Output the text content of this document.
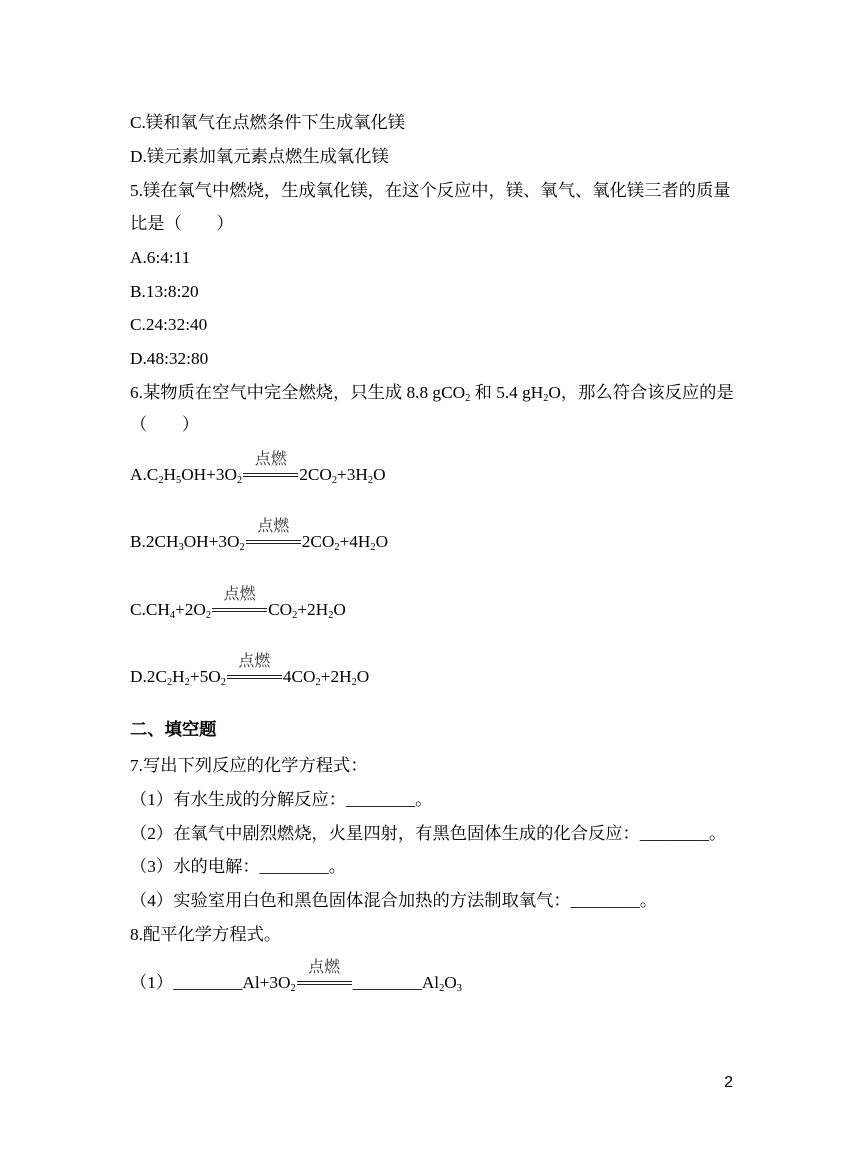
C.镁和氧气在点燃条件下生成氧化镁
D.镁元素加氧元素点燃生成氧化镁
5.镁在氧气中燃烧，生成氧化镁，在这个反应中，镁、氧气、氧化镁三者的质量
比是（　　）
A.6:4:11
B.13:8:20
C.24:32:40
D.48:32:80
6.某物质在空气中完全燃烧，只生成 8.8 gCO$_2$ 和 5.4 $gH_2O$，那么符合该反应的是
（　　）
$A.C_2H_5OH+3O_2$
点燃
$2CO_2+3H_2O$
$B.2CH_3OH+3O_2$
点燃
$2CO_2+4H_2O$
$C.CH_4+2O_2$
点燃
$CO_2+2H_2O$
$D.2C_2H_2+5O_2$
点燃
$4CO_2+2H_2O$
二、填空题
7.写出下列反应的化学方程式：
（1）有水生成的分解反应：________。
（2）在氧气中剧烈燃烧，火星四射，有黑色固体生成的化合反应：________。
（3）水的电解：________。
（4）实验室用白色和黑色固体混合加热的方法制取氧气：________。
8.配平化学方程式。
$(1)\_\_\_\_\_\_\_\_Al+3O_2$
点燃
$\_\_\_\_\_\_\_\_Al_2O_3$
2
